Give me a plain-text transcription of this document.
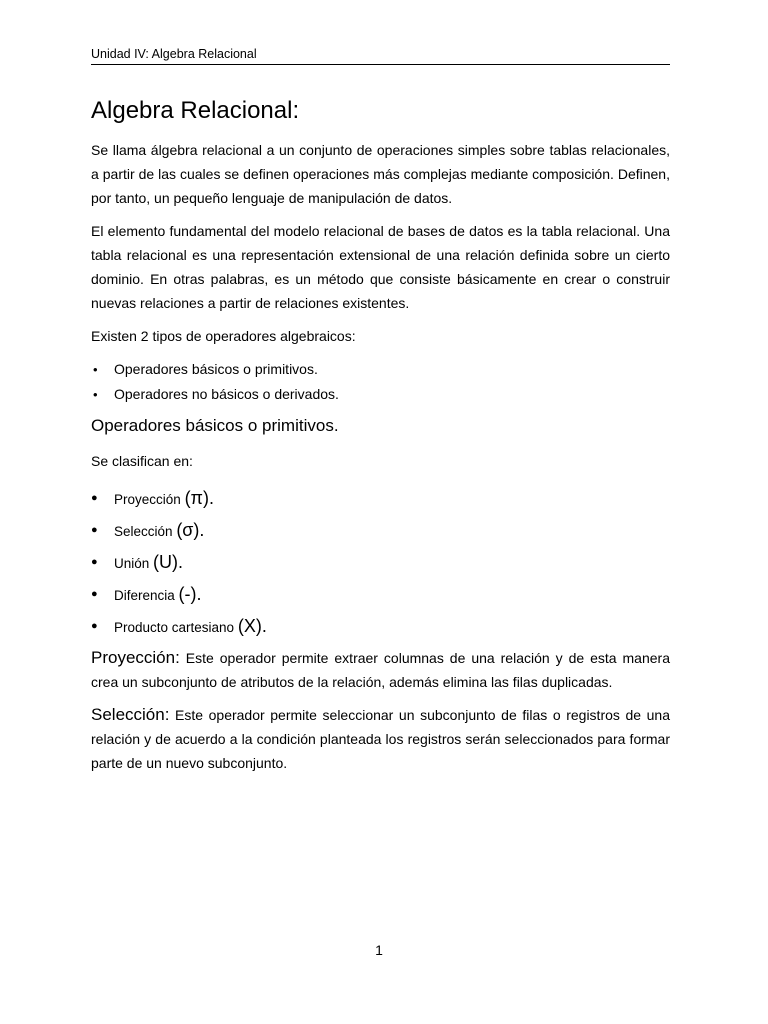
Unidad IV: Algebra Relacional
Algebra Relacional:

Se llama álgebra relacional a un conjunto de operaciones simples sobre tablas relacionales, a partir de las cuales se definen operaciones más complejas mediante composición. Definen, por tanto, un pequeño lenguaje de manipulación de datos.

El elemento fundamental del modelo relacional de bases de datos es la tabla relacional. Una tabla relacional es una representación extensional de una relación definida sobre un cierto dominio. En otras palabras, es un método que consiste básicamente en crear o construir nuevas relaciones a partir de relaciones existentes.

Existen 2 tipos de operadores algebraicos:

• Operadores básicos o primitivos.
• Operadores no básicos o derivados.
Operadores básicos o primitivos.

Se clasifican en:

● Proyección (π).
● Selección (σ).
● Unión (U).
● Diferencia (-).
● Producto cartesiano (X).

Proyección: Este operador permite extraer columnas de una relación y de esta manera crea un subconjunto de atributos de la relación, además elimina las filas duplicadas.

Selección: Este operador permite seleccionar un subconjunto de filas o registros de una relación y de acuerdo a la condición planteada los registros serán seleccionados para formar parte de un nuevo subconjunto.

1
